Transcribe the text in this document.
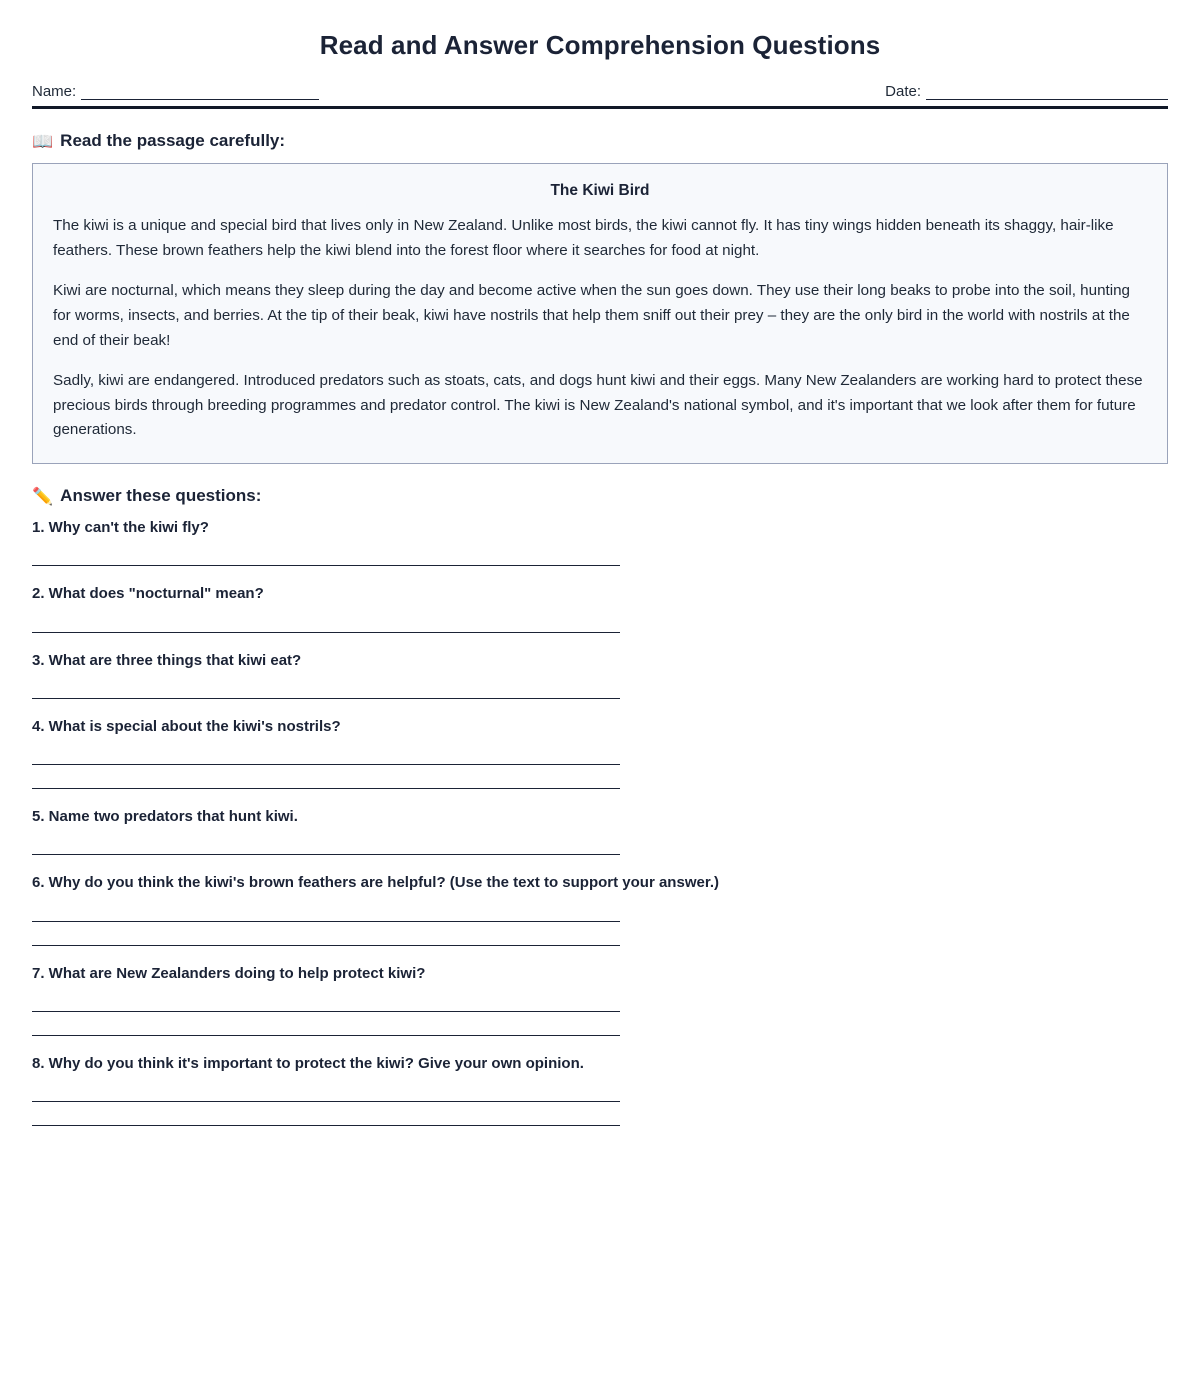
Read and Answer Comprehension Questions
Name:	Date:
📖 Read the passage carefully:
The Kiwi Bird

The kiwi is a unique and special bird that lives only in New Zealand. Unlike most birds, the kiwi cannot fly. It has tiny wings hidden beneath its shaggy, hair-like feathers. These brown feathers help the kiwi blend into the forest floor where it searches for food at night.

Kiwi are nocturnal, which means they sleep during the day and become active when the sun goes down. They use their long beaks to probe into the soil, hunting for worms, insects, and berries. At the tip of their beak, kiwi have nostrils that help them sniff out their prey – they are the only bird in the world with nostrils at the end of their beak!

Sadly, kiwi are endangered. Introduced predators such as stoats, cats, and dogs hunt kiwi and their eggs. Many New Zealanders are working hard to protect these precious birds through breeding programmes and predator control. The kiwi is New Zealand's national symbol, and it's important that we look after them for future generations.

✏️ Answer these questions:
1. Why can't the kiwi fly?
2. What does "nocturnal" mean?
3. What are three things that kiwi eat?
4. What is special about the kiwi's nostrils?
5. Name two predators that hunt kiwi.
6. Why do you think the kiwi's brown feathers are helpful? (Use the text to support your answer.)
7. What are New Zealanders doing to help protect kiwi?
8. Why do you think it's important to protect the kiwi? Give your own opinion.
